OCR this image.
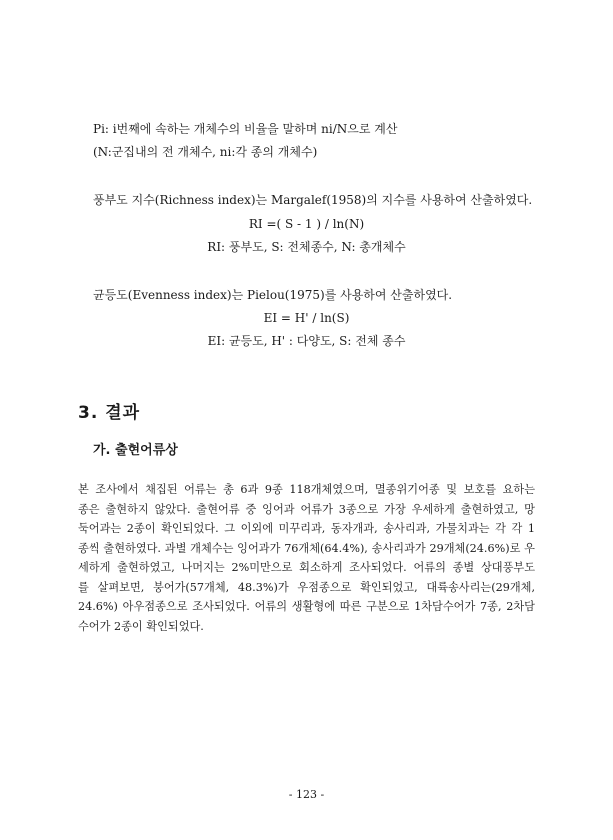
Pi: i번째에 속하는 개체수의 비율을 말하며 ni/N으로 계산
(N:군집내의 전 개체수, ni:각 종의 개체수)
풍부도 지수(Richness index)는 Margalef(1958)의 지수를 사용하여 산출하였다.
RI =( S - 1 ) / ln(N)
RI: 풍부도, S: 전체종수, N: 총개체수
균등도(Evenness index)는 Pielou(1975)를 사용하여 산출하였다.
EI = H' / ln(S)
EI: 균등도, H' : 다양도, S: 전체 종수
3. 결과
가. 출현어류상
본 조사에서 채집된 어류는 총 6과 9종 118개체였으며, 멸종위기어종 및 보호를 요하는
종은 출현하지 않았다. 출현어류 중 잉어과 어류가 3종으로 가장 우세하게 출현하였고, 망
둑어과는 2종이 확인되었다. 그 이외에 미꾸리과, 동자개과, 송사리과, 가물치과는 각 각 1
종씩 출현하였다. 과별 개체수는 잉어과가 76개체(64.4%), 송사리과가 29개체(24.6%)로 우
세하게 출현하였고, 나머지는 2%미만으로 회소하게 조사되었다. 어류의 종별 상대풍부도
를 살펴보면, 붕어가(57개체, 48.3%)가 우점종으로 확인되었고, 대륙송사리는(29개체,
24.6%) 아우점종으로 조사되었다. 어류의 생활형에 따른 구분으로 1차담수어가 7종, 2차담
수어가 2종이 확인되었다.
- 123 -
